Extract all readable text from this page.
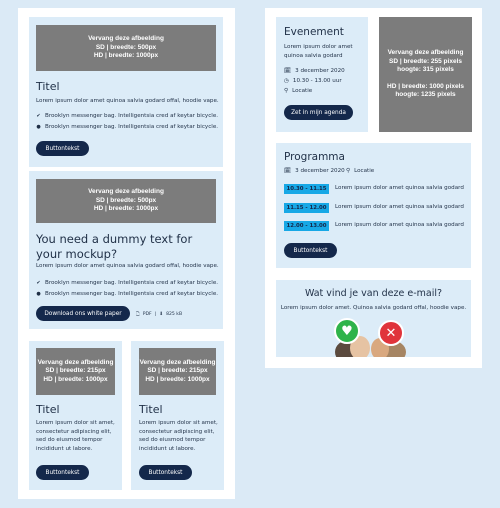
Vervang deze afbeelding
SD | breedte: 500px
HD | breedte: 1000px
Titel
Lorem ipsum dolor amet quinoa salvia godard offal, hoodie vape.
✔ Brooklyn messenger bag. Intelligentsia cred af keytar bicycle.
● Brooklyn messenger bag. Intelligentsia cred af keytar bicycle.
Buttontekst
Vervang deze afbeelding
SD | breedte: 500px
HD | breedte: 1000px
You need a dummy text for your mockup?
Lorem ipsum dolor amet quinoa salvia godard offal, hoodie vape.
✔ Brooklyn messenger bag. Intelligentsia cred af keytar bicycle.
● Brooklyn messenger bag. Intelligentsia cred af keytar bicycle.
Download ons white paper	🗋 PDF | ⬇ 825 kB
Vervang deze afbeelding
SD | breedte: 215px
HD | breedte: 1000px
Titel
Lorem ipsum dolor sit amet, consectetur adipiscing elit, sed do eiusmod tempor incididunt ut labore.
Buttontekst
Vervang deze afbeelding
SD | breedte: 215px
HD | breedte: 1000px
Titel
Lorem ipsum dolor sit amet, consectetur adipiscing elit, sed do eiusmod tempor incididunt ut labore.
Buttontekst
Evenement
Lorem ipsum dolor amet quinoa salvia godard
🗓 3 december 2020
◷ 10.30 - 13.00 uur
⚲ Locatie
Zet in mijn agenda
Vervang deze afbeelding
SD | breedte: 255 pixels
hoogte: 315 pixels

HD | breedte: 1000 pixels
hoogte: 1235 pixels
Programma
🗓 3 december 2020 ⚲ Locatie
10.30 - 11.15	Lorem ipsum dolor amet quinoa salvia godard
11.15 - 12.00	Lorem ipsum dolor amet quinoa salvia godard
12.00 - 13.00	Lorem ipsum dolor amet quinoa salvia godard
Buttontekst
Wat vind je van deze e-mail?
Lorem ipsum dolor amet. Quinoa salvia godard offal, hoodie vape.
♥	✕
